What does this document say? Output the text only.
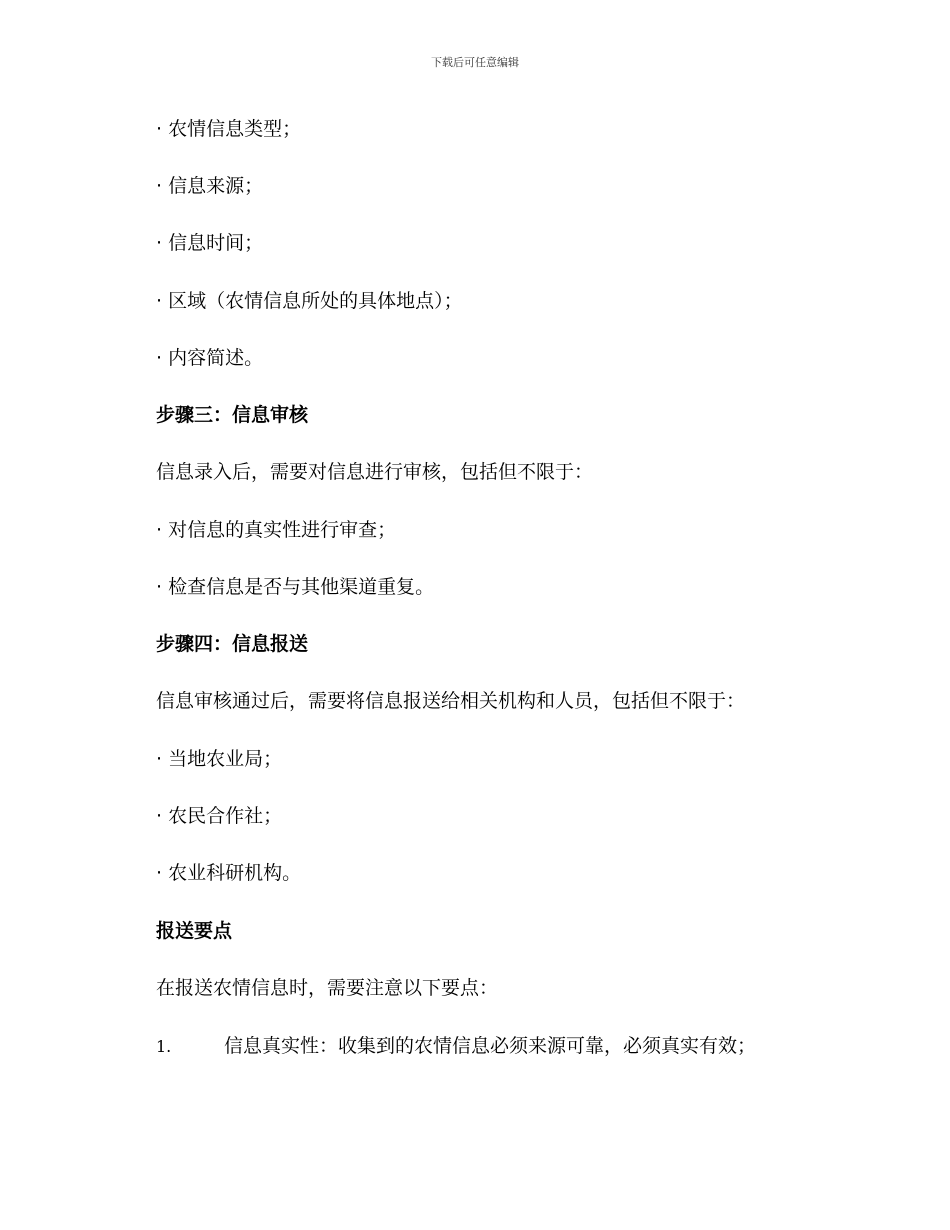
下载后可任意编辑
· 农情信息类型；
· 信息来源；
· 信息时间；
· 区域（农情信息所处的具体地点）；
· 内容简述。
步骤三：信息审核
信息录入后，需要对信息进行审核，包括但不限于：
· 对信息的真实性进行审查；
· 检查信息是否与其他渠道重复。
步骤四：信息报送
信息审核通过后，需要将信息报送给相关机构和人员，包括但不限于：
· 当地农业局；
· 农民合作社；
· 农业科研机构。
报送要点
在报送农情信息时，需要注意以下要点：
1.	信息真实性：收集到的农情信息必须来源可靠，必须真实有效；
